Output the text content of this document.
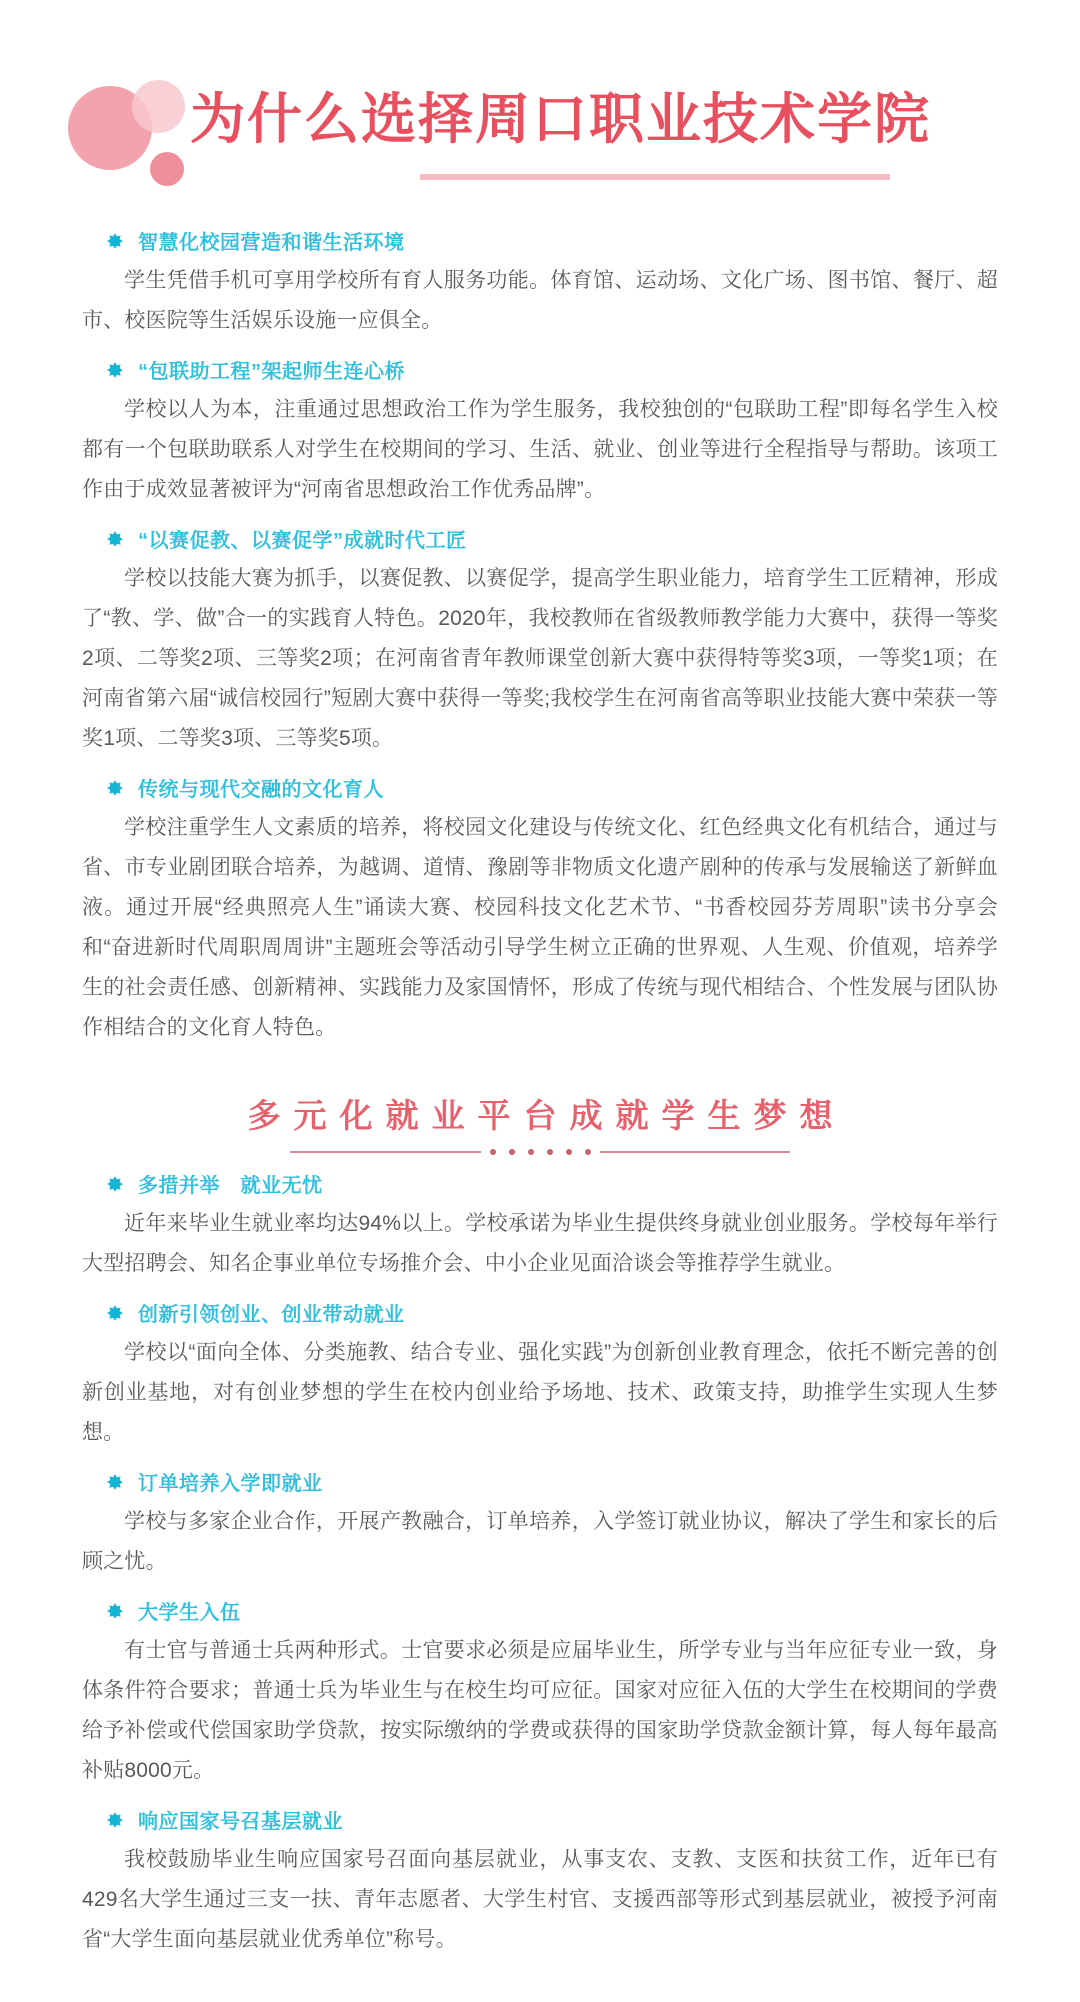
为什么选择周口职业技术学院
智慧化校园营造和谐生活环境

学生凭借手机可享用学校所有育人服务功能。体育馆、运动场、文化广场、图书馆、餐厅、超市、校医院等生活娱乐设施一应俱全。

“包联助工程”架起师生连心桥

学校以人为本，注重通过思想政治工作为学生服务，我校独创的“包联助工程”即每名学生入校都有一个包联助联系人对学生在校期间的学习、生活、就业、创业等进行全程指导与帮助。该项工作由于成效显著被评为“河南省思想政治工作优秀品牌”。

“以赛促教、以赛促学”成就时代工匠

学校以技能大赛为抓手，以赛促教、以赛促学，提高学生职业能力，培育学生工匠精神，形成了“教、学、做”合一的实践育人特色。2020年，我校教师在省级教师教学能力大赛中，获得一等奖2项、二等奖2项、三等奖2项；在河南省青年教师课堂创新大赛中获得特等奖3项，一等奖1项；在河南省第六届“诚信校园行”短剧大赛中获得一等奖;我校学生在河南省高等职业技能大赛中荣获一等奖1项、二等奖3项、三等奖5项。

传统与现代交融的文化育人

学校注重学生人文素质的培养，将校园文化建设与传统文化、红色经典文化有机结合，通过与省、市专业剧团联合培养，为越调、道情、豫剧等非物质文化遗产剧种的传承与发展输送了新鲜血液。通过开展“经典照亮人生”诵读大赛、校园科技文化艺术节、“书香校园芬芳周职”读书分享会和“奋进新时代周职周周讲”主题班会等活动引导学生树立正确的世界观、人生观、价值观，培养学生的社会责任感、创新精神、实践能力及家国情怀，形成了传统与现代相结合、个性发展与团队协作相结合的文化育人特色。

多元化就业平台成就学生梦想
多措并举　就业无忧

近年来毕业生就业率均达94%以上。学校承诺为毕业生提供终身就业创业服务。学校每年举行大型招聘会、知名企事业单位专场推介会、中小企业见面洽谈会等推荐学生就业。

创新引领创业、创业带动就业

学校以“面向全体、分类施教、结合专业、强化实践”为创新创业教育理念，依托不断完善的创新创业基地，对有创业梦想的学生在校内创业给予场地、技术、政策支持，助推学生实现人生梦想。

订单培养入学即就业

学校与多家企业合作，开展产教融合，订单培养，入学签订就业协议，解决了学生和家长的后顾之忧。

大学生入伍

有士官与普通士兵两种形式。士官要求必须是应届毕业生，所学专业与当年应征专业一致，身体条件符合要求；普通士兵为毕业生与在校生均可应征。国家对应征入伍的大学生在校期间的学费给予补偿或代偿国家助学贷款，按实际缴纳的学费或获得的国家助学贷款金额计算，每人每年最高补贴8000元。

响应国家号召基层就业

我校鼓励毕业生响应国家号召面向基层就业，从事支农、支教、支医和扶贫工作，近年已有429名大学生通过三支一扶、青年志愿者、大学生村官、支援西部等形式到基层就业，被授予河南省“大学生面向基层就业优秀单位”称号。
